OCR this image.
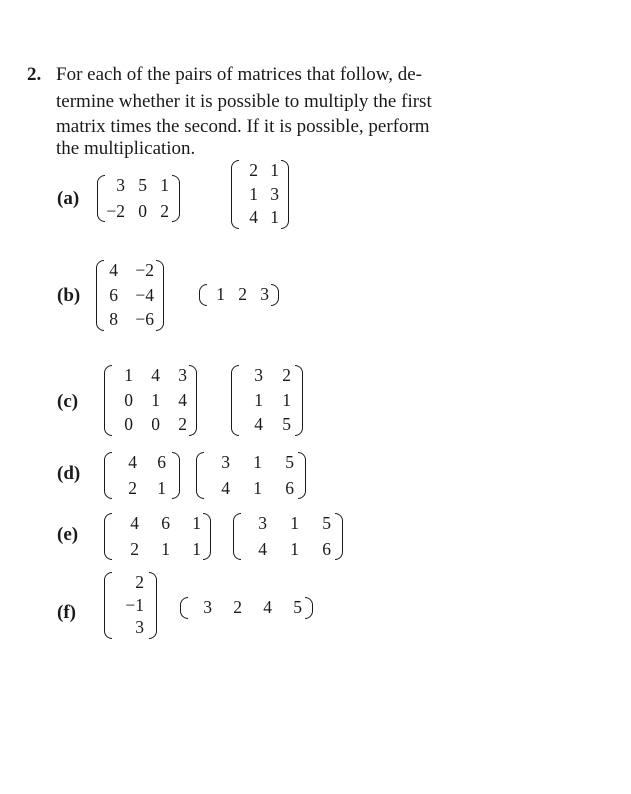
2. For each of the pairs of matrices that follow, de-
termine whether it is possible to multiply the first
matrix times the second. If it is possible, perform
the multiplication.
(a)
3 5 1
−2 0 2
2 1
1 3
4 1
(b)
4 −2
6 −4
8 −6
1 2 3
(c)
1	4	3
0	1	4
0	0	2
3	2
1	1
4	5
(d)
4	6
2	1
3	1	5
4	1	6
(e)
4	6	1
2	1	1
3	1	5
4	1	6
(f)
2
−1
3
3	2	4	5
